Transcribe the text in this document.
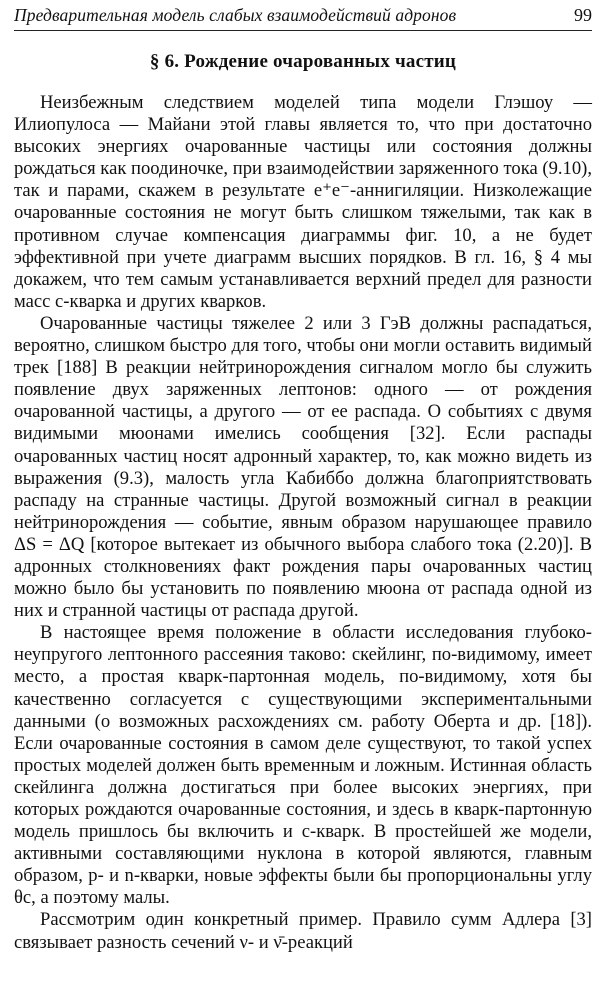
Предварительная модель слабых взаимодействий адронов	99
§ 6. Рождение очарованных частиц

Неизбежным следствием моделей типа модели Глэшоу — Илиопулоса — Майани этой главы является то, что при достаточно высоких энергиях очарованные частицы или состояния должны рождаться как поодиночке, при взаимодействии заряженного тока (9.10), так и парами, скажем в результате e⁺e⁻-аннигиляции. Низколежащие очарованные состояния не могут быть слишком тяжелыми, так как в противном случае компенсация диаграммы фиг. 10, a не будет эффективной при учете диаграмм высших порядков. В гл. 16, § 4 мы докажем, что тем самым устанавливается верхний предел для разности масс c-кварка и других кварков.

Очарованные частицы тяжелее 2 или 3 ГэВ должны распадаться, вероятно, слишком быстро для того, чтобы они могли оставить видимый трек [188] В реакции нейтринорождения сигналом могло бы служить появление двух заряженных лептонов: одного — от рождения очарованной частицы, а другого — от ее распада. О событиях с двумя видимыми мюонами имелись сообщения [32]. Если распады очарованных частиц носят адронный характер, то, как можно видеть из выражения (9.3), малость угла Кабиббо должна благоприятствовать распаду на странные частицы. Другой возможный сигнал в реакции нейтринорождения — событие, явным образом нарушающее правило ΔS = ΔQ [которое вытекает из обычного выбора слабого тока (2.20)]. В адронных столкновениях факт рождения пары очарованных частиц можно было бы установить по появлению мюона от распада одной из них и странной частицы от распада другой.

В настоящее время положение в области исследования глубоко-неупругого лептонного рассеяния таково: скейлинг, по-видимому, имеет место, а простая кварк-партонная модель, по-видимому, хотя бы качественно согласуется с существующими экспериментальными данными (о возможных расхождениях см. работу Оберта и др. [18]). Если очарованные состояния в самом деле существуют, то такой успех простых моделей должен быть временным и ложным. Истинная область скейлинга должна достигаться при более высоких энергиях, при которых рождаются очарованные состояния, и здесь в кварк-партонную модель пришлось бы включить и c-кварк. В простейшей же модели, активными составляющими нуклона в которой являются, главным образом, p- и n-кварки, новые эффекты были бы пропорциональны углу θc, а поэтому малы.

Рассмотрим один конкретный пример. Правило сумм Адлера [3] связывает разность сечений ν- и ν̄-реакций
